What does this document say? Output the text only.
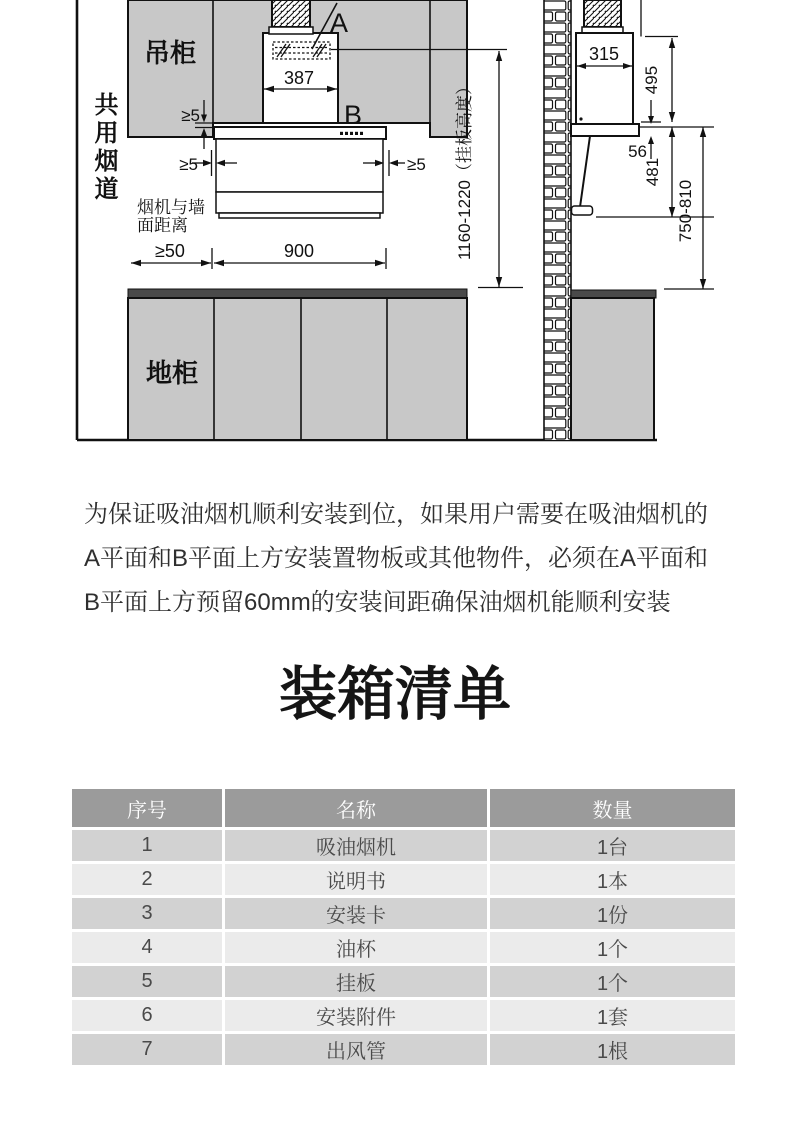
吊柜
地柜
A
B
387	1160-1220（挂板高度）
≥5
≥5	≥5
烟机与墙
面距离
≥50	900
315
495
56
481
750-810
共用烟道
为保证吸油烟机顺利安装到位，如果用户需要在吸油烟机的
A平面和B平面上方安装置物板或其他物件，必须在A平面和
B平面上方预留60mm的安装间距确保油烟机能顺利安装
装箱清单
序号	名称	数量
1	吸油烟机	1台
2	说明书	1本
3	安装卡	1份
4	油杯	1个
5	挂板	1个
6	安装附件	1套
7	出风管	1根
